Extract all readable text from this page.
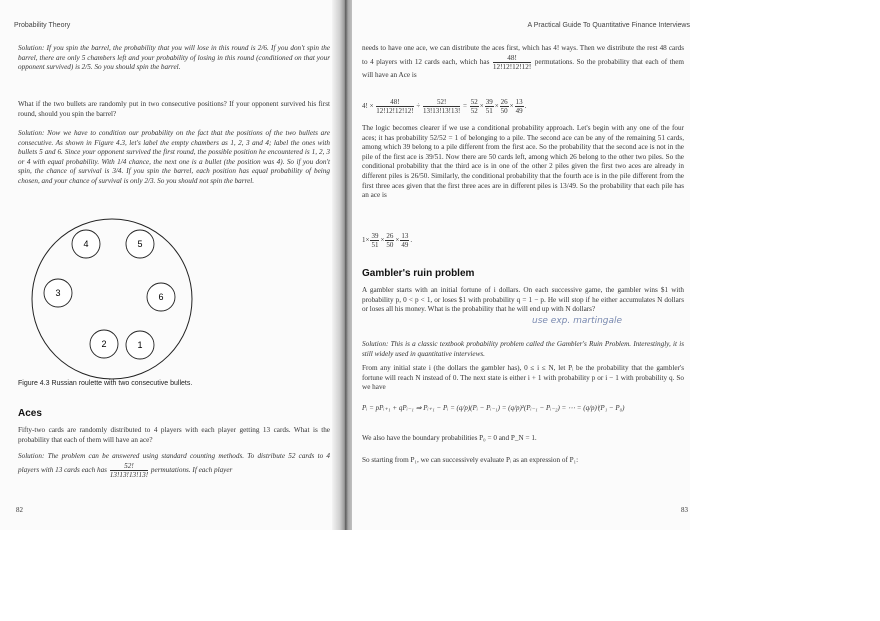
Probability Theory

Solution: If you spin the barrel, the probability that you will lose in this round is 2/6. If you don't spin the barrel, there are only 5 chambers left and your probability of losing in this round (conditioned on that your opponent survived) is 2/5. So you should spin the barrel.

What if the two bullets are randomly put in two consecutive positions? If your opponent survived his first round, should you spin the barrel?

Solution: Now we have to condition our probability on the fact that the positions of the two bullets are consecutive. As shown in Figure 4.3, let's label the empty chambers as 1, 2, 3 and 4; label the ones with bullets 5 and 6. Since your opponent survived the first round, the possible position he encountered is 1, 2, 3 or 4 with equal probability. With 1/4 chance, the next one is a bullet (the position was 4). So if you don't spin, the chance of survival is 3/4. If you spin the barrel, each position has equal probability of being chosen, and your chance of survival is only 2/3. So you should not spin the barrel.

4	5
3	6
2	1
Figure 4.3 Russian roulette with two consecutive bullets.
Aces

Fifty-two cards are randomly distributed to 4 players with each player getting 13 cards. What is the probability that each of them will have an ace?

Solution: The problem can be answered using standard counting methods. To distribute 52 cards to 4 players with 13 cards each has $\frac{52!}{13!13!13!13!}$ permutations. If each player

82
A Practical Guide To Quantitative Finance Interviews

needs to have one ace, we can distribute the aces first, which has 4! ways. Then we distribute the rest 48 cards to 4 players with 12 cards each, which has $\frac{48!}{12!12!12!12!}$ permutations. So the probability that each of them will have an Ace is

4! × $\frac{48!}{12!12!12!12!} \div \frac{52!}{13!13!13!13!} = \frac{52}{52} \times \frac{39}{51} \times \frac{26}{50} \times \frac{13}{49}$ .

The logic becomes clearer if we use a conditional probability approach. Let's begin with any one of the four aces; it has probability 52/52 = 1 of belonging to a pile. The second ace can be any of the remaining 51 cards, among which 39 belong to a pile different from the first ace. So the probability that the second ace is not in the pile of the first ace is 39/51. Now there are 50 cards left, among which 26 belong to the other two piles. So the conditional probability that the third ace is in one of the other 2 piles given the first two aces are already in different piles is 26/50. Similarly, the conditional probability that the fourth ace is in the pile different from the first three aces given that the first three aces are in different piles is 13/49. So the probability that each pile has an ace is

$1\times \frac{39}{51} \times \frac{26}{50} \times \frac{13}{49}$ .
Gambler's ruin problem

A gambler starts with an initial fortune of i dollars. On each successive game, the gambler wins $1 with probability p, 0 < p < 1, or loses $1 with probability q = 1 − p. He will stop if he either accumulates N dollars or loses all his money. What is the probability that he will end up with N dollars?

use exp. martingale

Solution: This is a classic textbook probability problem called the Gambler's Ruin Problem. Interestingly, it is still widely used in quantitative interviews.

From any initial state i (the dollars the gambler has), 0 ≤ i ≤ N, let Pᵢ be the probability that the gambler's fortune will reach N instead of 0. The next state is either i + 1 with probability p or i − 1 with probability q. So we have

Pᵢ = pPᵢ₊₁ + qPᵢ₋₁ ⇒ Pᵢ₊₁ − Pᵢ = (q/p)(Pᵢ − Pᵢ₋₁) = (q/p)²(Pᵢ₋₁ − Pᵢ₋₂) = ⋯ = (q/p)ⁱ(P₁ − P₀)

We also have the boundary probabilities P₀ = 0 and P_N = 1.

So starting from P₁, we can successively evaluate Pᵢ as an expression of P₁:

83
